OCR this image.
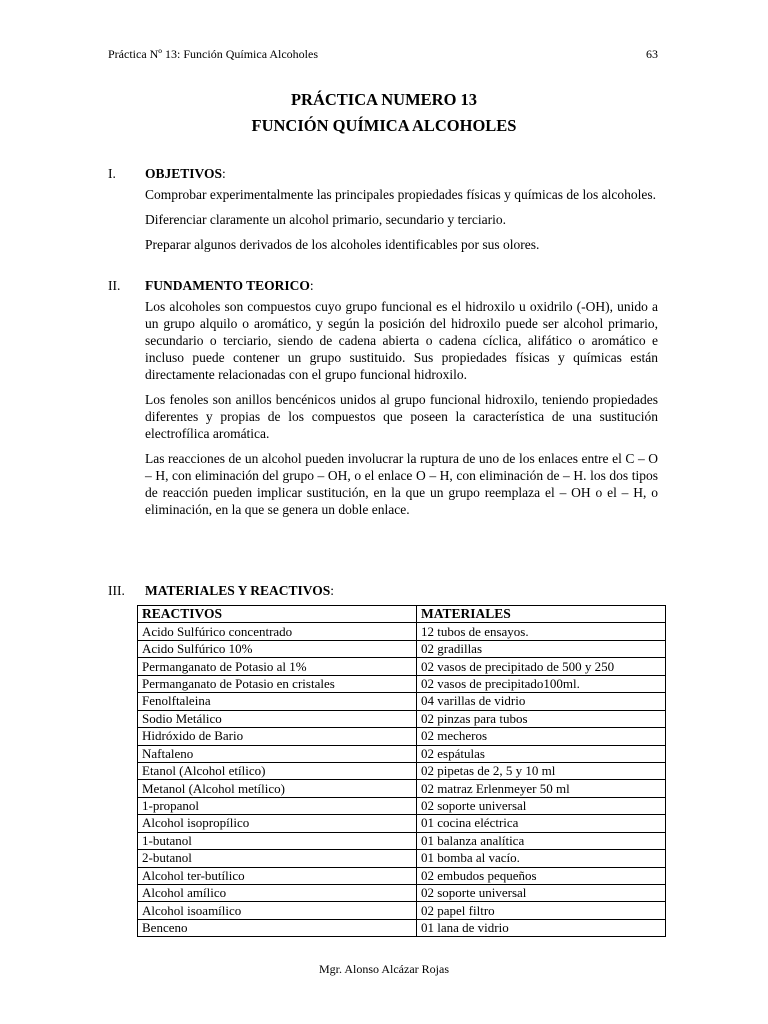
Práctica Nº 13: Función Química Alcoholes	63
PRÁCTICA NUMERO 13
FUNCIÓN QUÍMICA ALCOHOLES
I.	OBJETIVOS:

Comprobar experimentalmente las principales propiedades físicas y químicas de los alcoholes.

Diferenciar claramente un alcohol primario, secundario y terciario.

Preparar algunos derivados de los alcoholes identificables por sus olores.

II.	FUNDAMENTO TEORICO:

Los alcoholes son compuestos cuyo grupo funcional es el hidroxilo u oxidrilo (-OH), unido a un grupo alquilo o aromático, y según la posición del hidroxilo puede ser alcohol primario, secundario o terciario, siendo de cadena abierta o cadena cíclica, alifático o aromático e incluso puede contener un grupo sustituido. Sus propiedades físicas y químicas están directamente relacionadas con el grupo funcional hidroxilo.

Los fenoles son anillos bencénicos unidos al grupo funcional hidroxilo, teniendo propiedades diferentes y propias de los compuestos que poseen la característica de una sustitución electrofílica aromática.

Las reacciones de un alcohol pueden involucrar la ruptura de uno de los enlaces entre el C – O – H, con eliminación del grupo – OH, o el enlace O – H, con eliminación de – H. los dos tipos de reacción pueden implicar sustitución, en la que un grupo reemplaza el – OH o el – H, o eliminación, en la que se genera un doble enlace.

III.	MATERIALES Y REACTIVOS:
REACTIVOS	MATERIALES
Acido Sulfúrico concentrado	12 tubos de ensayos.
Acido Sulfúrico 10%	02 gradillas
Permanganato de Potasio al 1%	02 vasos de precipitado de 500 y 250
Permanganato de Potasio en cristales	02 vasos de precipitado100ml.
Fenolftaleina	04 varillas de vidrio
Sodio Metálico	02 pinzas para tubos
Hidróxido de Bario	02 mecheros
Naftaleno	02 espátulas
Etanol (Alcohol etílico)	02 pipetas de 2, 5 y 10 ml
Metanol (Alcohol metílico)	02 matraz Erlenmeyer 50 ml
1-propanol	02 soporte universal
Alcohol isopropílico	01 cocina eléctrica
1-butanol	01 balanza analítica
2-butanol	01 bomba al vacío.
Alcohol ter-butílico	02 embudos pequeños
Alcohol amílico	02 soporte universal
Alcohol isoamílico	02 papel filtro
Benceno	01 lana de vidrio
Mgr. Alonso Alcázar Rojas
